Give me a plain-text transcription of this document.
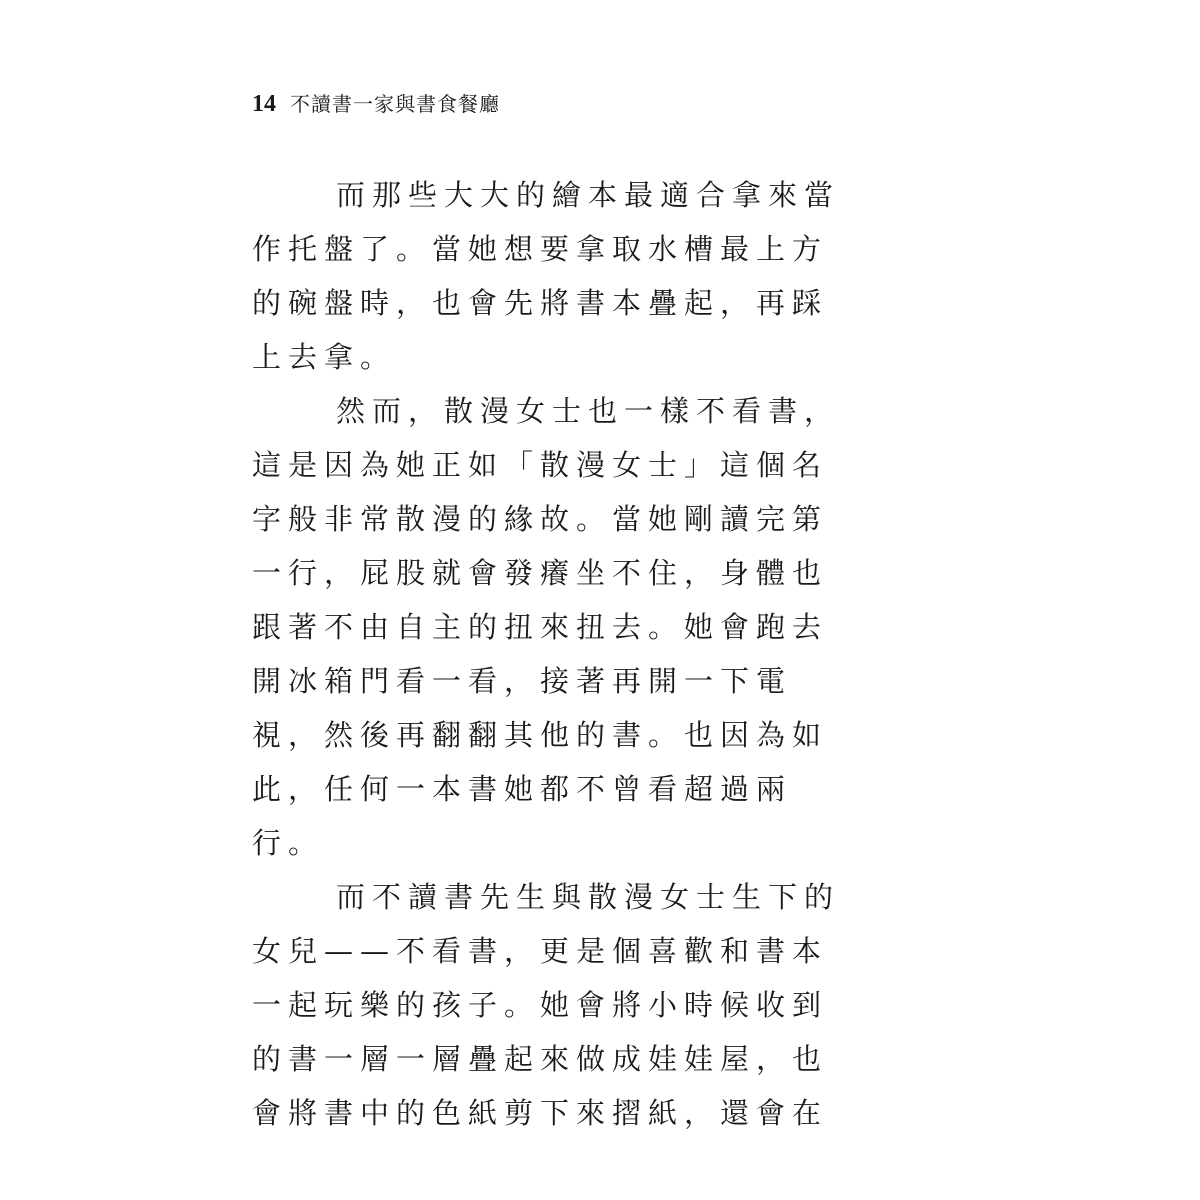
14 不讀書一家與書食餐廳
而那些大大的繪本最適合拿來當
作托盤了。當她想要拿取水槽最上方
的碗盤時，也會先將書本疊起，再踩
上去拿。
然而，散漫女士也一樣不看書，
這是因為她正如「散漫女士」這個名
字般非常散漫的緣故。當她剛讀完第
一行，屁股就會發癢坐不住，身體也
跟著不由自主的扭來扭去。她會跑去
開冰箱門看一看，接著再開一下電
視，然後再翻翻其他的書。也因為如
此，任何一本書她都不曾看超過兩
行。
而不讀書先生與散漫女士生下的
女兒——不看書，更是個喜歡和書本
一起玩樂的孩子。她會將小時候收到
的書一層一層疊起來做成娃娃屋，也
會將書中的色紙剪下來摺紙，還會在
